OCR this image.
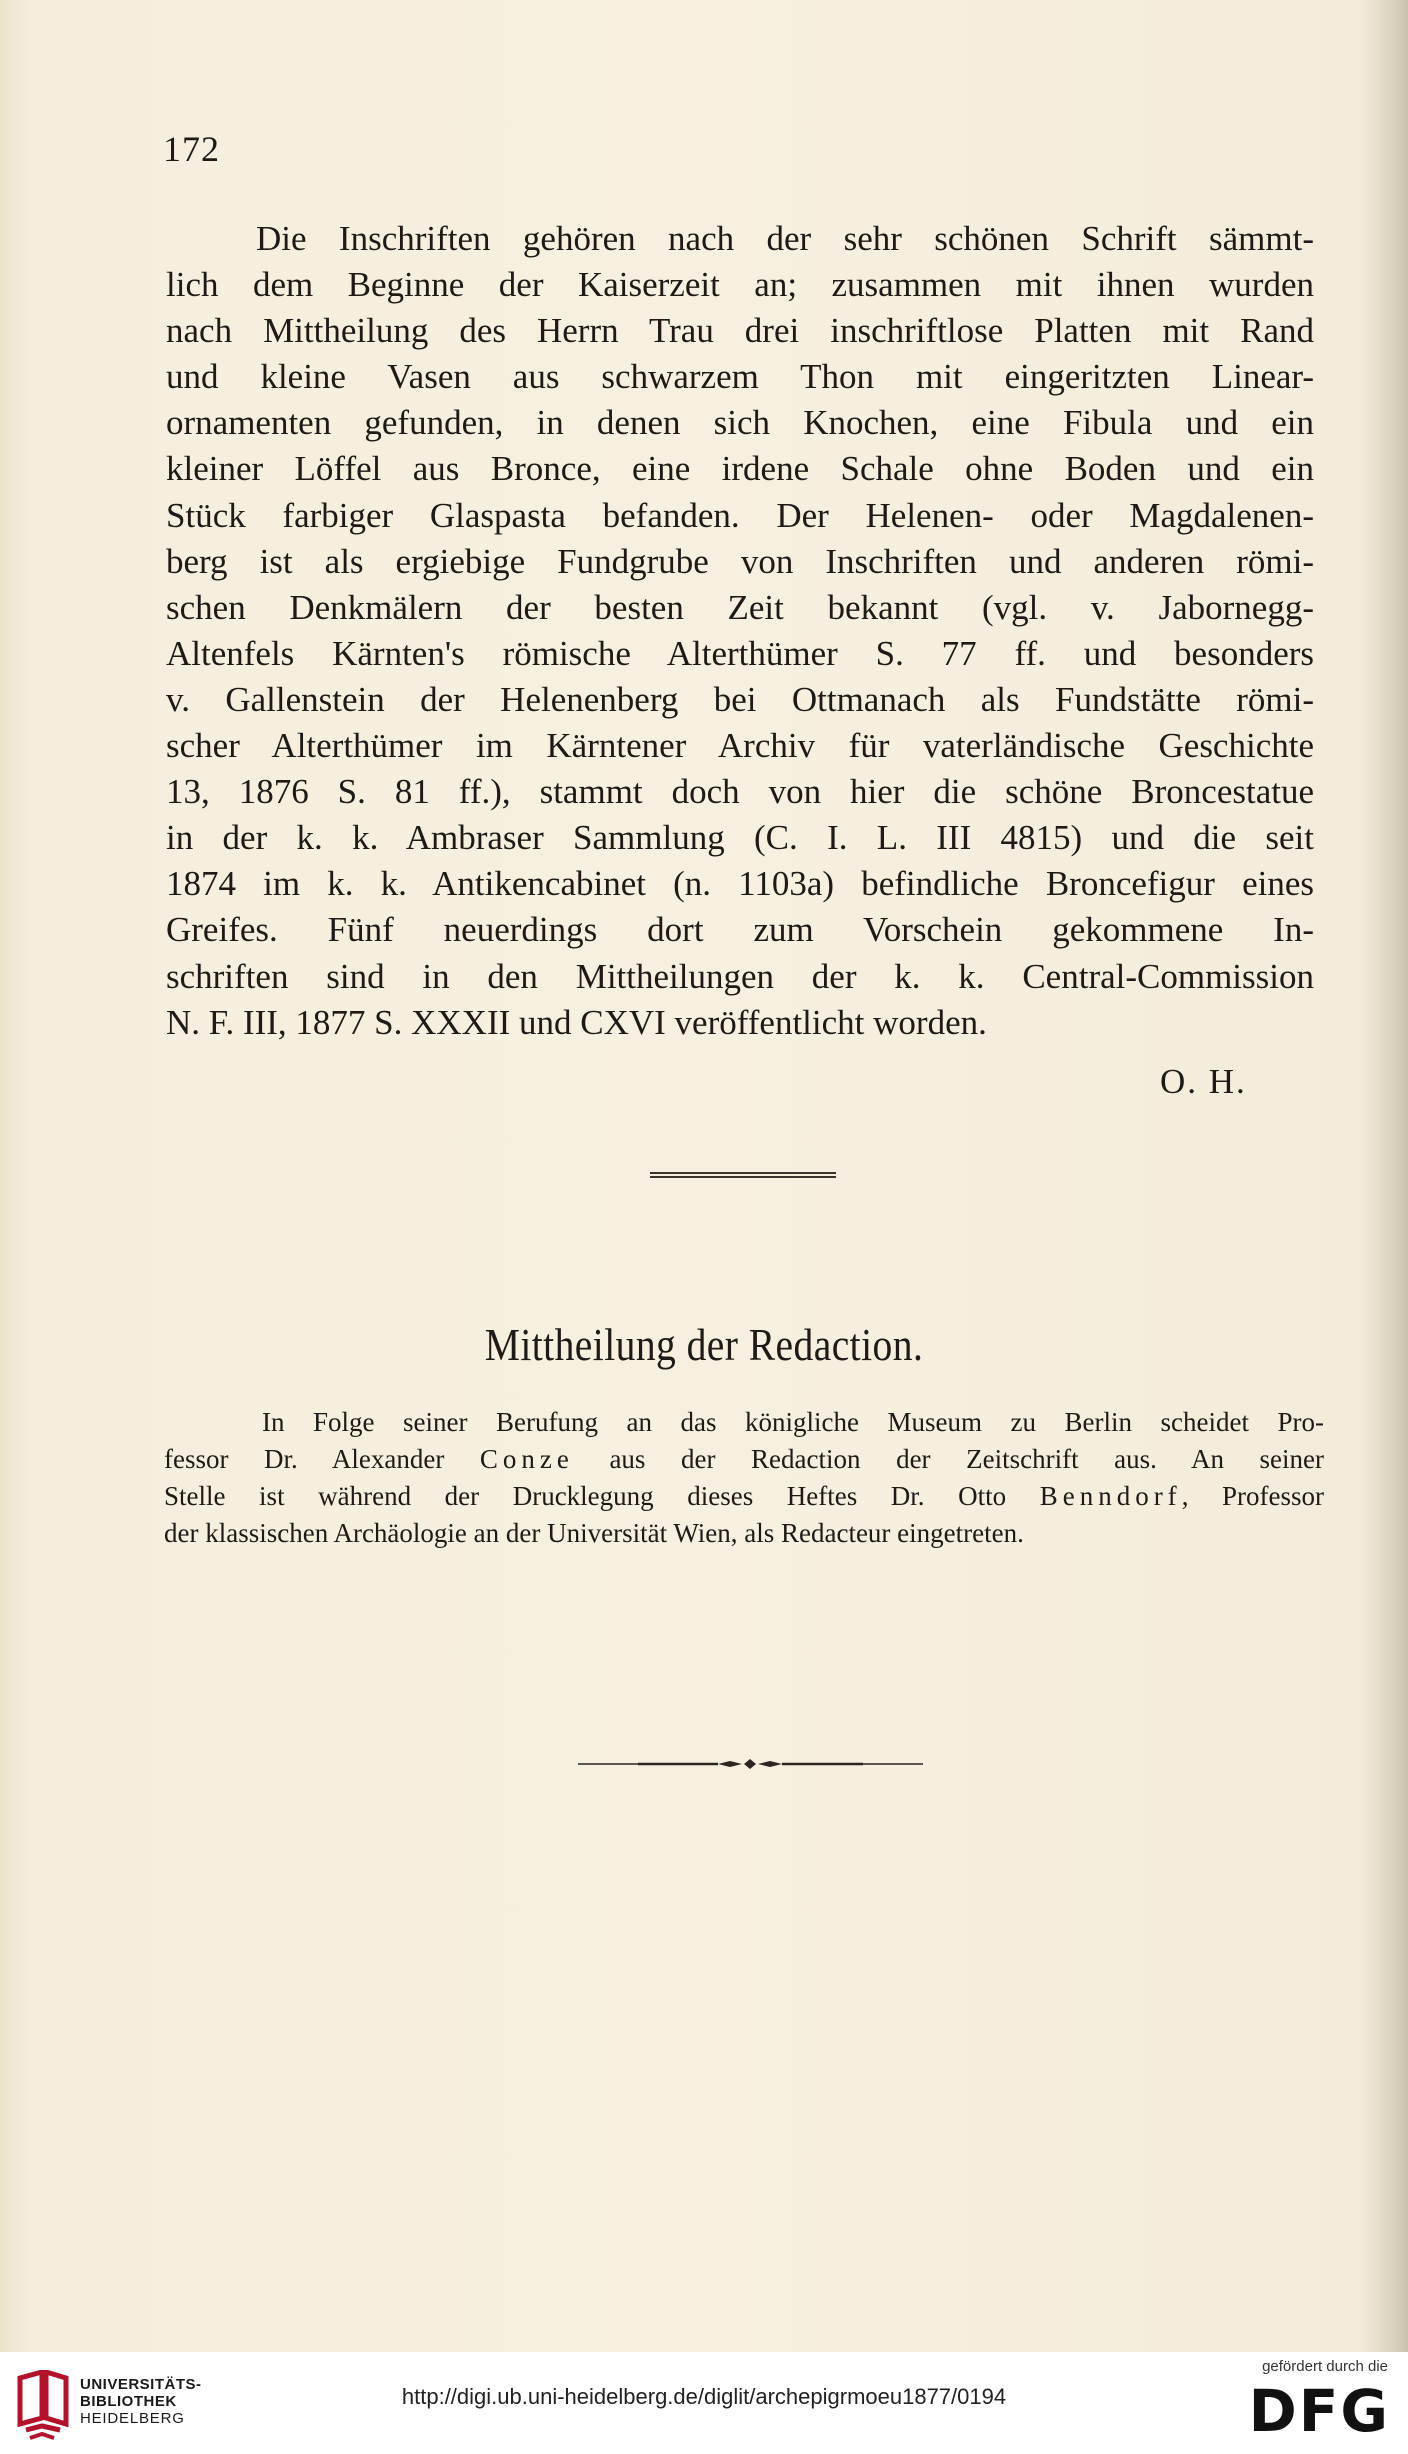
172
Die Inschriften gehören nach der sehr schönen Schrift sämmt-
lich dem Beginne der Kaiserzeit an; zusammen mit ihnen wurden
nach Mittheilung des Herrn Trau drei inschriftlose Platten mit Rand
und kleine Vasen aus schwarzem Thon mit eingeritzten Linear-
ornamenten gefunden, in denen sich Knochen, eine Fibula und ein
kleiner Löffel aus Bronce, eine irdene Schale ohne Boden und ein
Stück farbiger Glaspasta befanden. Der Helenen- oder Magdalenen-
berg ist als ergiebige Fundgrube von Inschriften und anderen römi-
schen Denkmälern der besten Zeit bekannt (vgl. v. Jabornegg-
Altenfels Kärnten's römische Alterthümer S. 77 ff. und besonders
v. Gallenstein der Helenenberg bei Ottmanach als Fundstätte römi-
scher Alterthümer im Kärntener Archiv für vaterländische Geschichte
13, 1876 S. 81 ff.), stammt doch von hier die schöne Broncestatue
in der k. k. Ambraser Sammlung (C. I. L. III 4815) und die seit
1874 im k. k. Antikencabinet (n. 1103a) befindliche Broncefigur eines
Greifes. Fünf neuerdings dort zum Vorschein gekommene In-
schriften sind in den Mittheilungen der k. k. Central-Commission
N. F. III, 1877 S. XXXII und CXVI veröffentlicht worden.
O. H.
Mittheilung der Redaction.
In Folge seiner Berufung an das königliche Museum zu Berlin scheidet Pro-
fessor Dr. Alexander Conze aus der Redaction der Zeitschrift aus. An seiner
Stelle ist während der Drucklegung dieses Heftes Dr. Otto Benndorf, Professor
der klassischen Archäologie an der Universität Wien, als Redacteur eingetreten.
UNIVERSITÄTS-
BIBLIOTHEK
HEIDELBERG
http://digi.ub.uni-heidelberg.de/diglit/archepigrmoeu1877/0194
gefördert durch die
DFG
